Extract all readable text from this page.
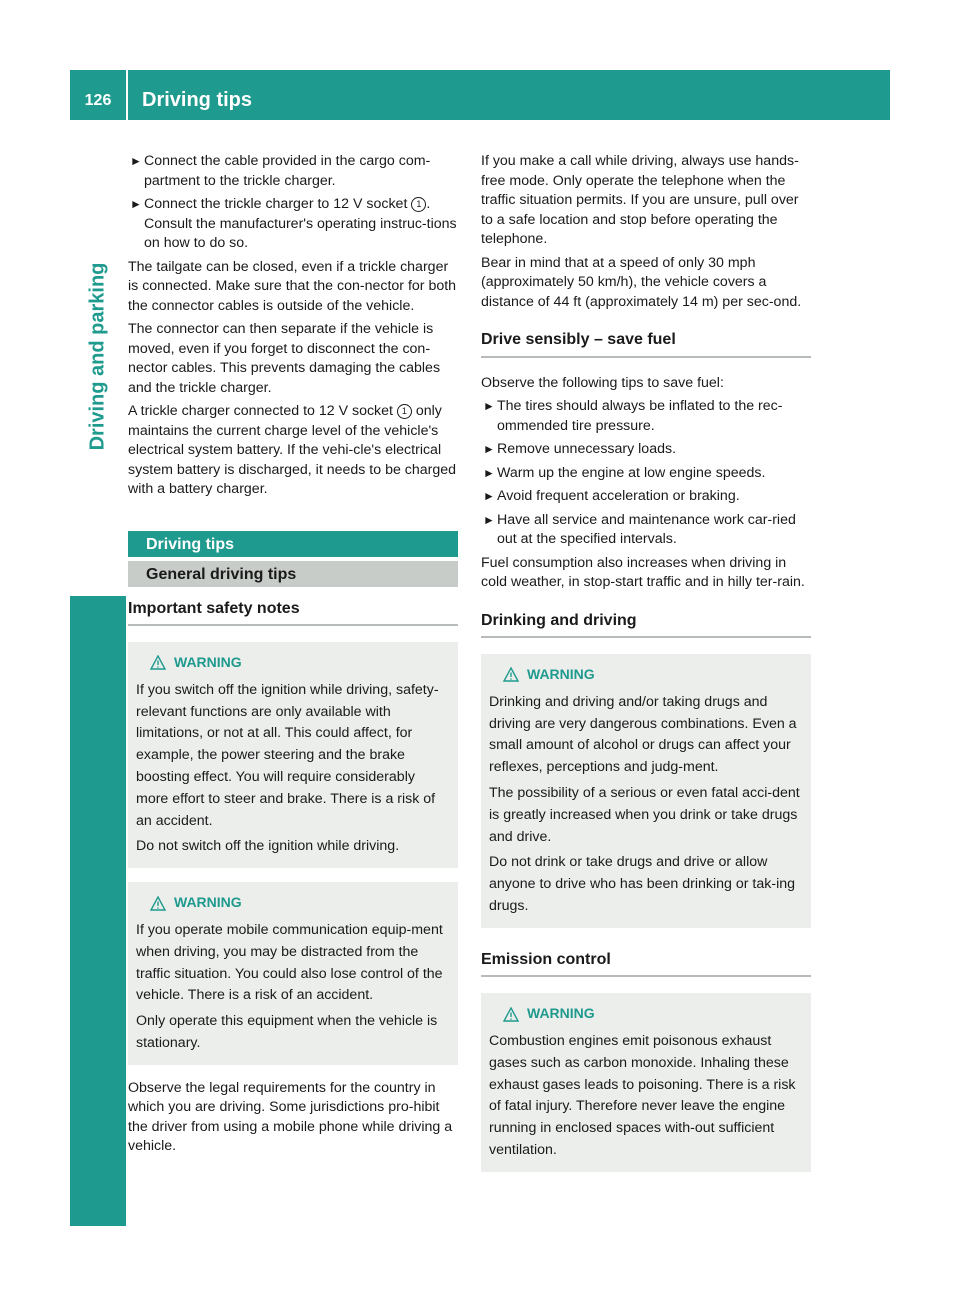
126	Driving tips
Driving and parking
► Connect the cable provided in the cargo com-partment to the trickle charger.
► Connect the trickle charger to 12 V socket 1 . Consult the manufacturer's operating instruc-tions on how to do so.

The tailgate can be closed, even if a trickle charger is connected. Make sure that the con-nector for both the connector cables is outside of the vehicle.

The connector can then separate if the vehicle is moved, even if you forget to disconnect the con-nector cables. This prevents damaging the cables and the trickle charger.

A trickle charger connected to 12 V socket 1 only maintains the current charge level of the vehicle's electrical system battery. If the vehi-cle's electrical system battery is discharged, it needs to be charged with a battery charger.

Driving tips
General driving tips
Important safety notes
WARNING

If you switch off the ignition while driving, safety-relevant functions are only available with limitations, or not at all. This could affect, for example, the power steering and the brake boosting effect. You will require considerably more effort to steer and brake. There is a risk of an accident.

Do not switch off the ignition while driving.

WARNING

If you operate mobile communication equip-ment when driving, you may be distracted from the traffic situation. You could also lose control of the vehicle. There is a risk of an accident.

Only operate this equipment when the vehicle is stationary.

Observe the legal requirements for the country in which you are driving. Some jurisdictions pro-hibit the driver from using a mobile phone while driving a vehicle.

If you make a call while driving, always use hands-free mode. Only operate the telephone when the traffic situation permits. If you are unsure, pull over to a safe location and stop before operating the telephone.

Bear in mind that at a speed of only 30 mph (approximately 50 km/h), the vehicle covers a distance of 44 ft (approximately 14 m) per sec-ond.

Drive sensibly – save fuel

Observe the following tips to save fuel:

► The tires should always be inflated to the rec-ommended tire pressure.
► Remove unnecessary loads.
► Warm up the engine at low engine speeds.
► Avoid frequent acceleration or braking.
► Have all service and maintenance work car-ried out at the specified intervals.

Fuel consumption also increases when driving in cold weather, in stop-start traffic and in hilly ter-rain.

Drinking and driving
WARNING

Drinking and driving and/or taking drugs and driving are very dangerous combinations. Even a small amount of alcohol or drugs can affect your reflexes, perceptions and judg-ment.

The possibility of a serious or even fatal acci-dent is greatly increased when you drink or take drugs and drive.

Do not drink or take drugs and drive or allow anyone to drive who has been drinking or tak-ing drugs.

Emission control
WARNING

Combustion engines emit poisonous exhaust gases such as carbon monoxide. Inhaling these exhaust gases leads to poisoning. There is a risk of fatal injury. Therefore never leave the engine running in enclosed spaces with-out sufficient ventilation.
